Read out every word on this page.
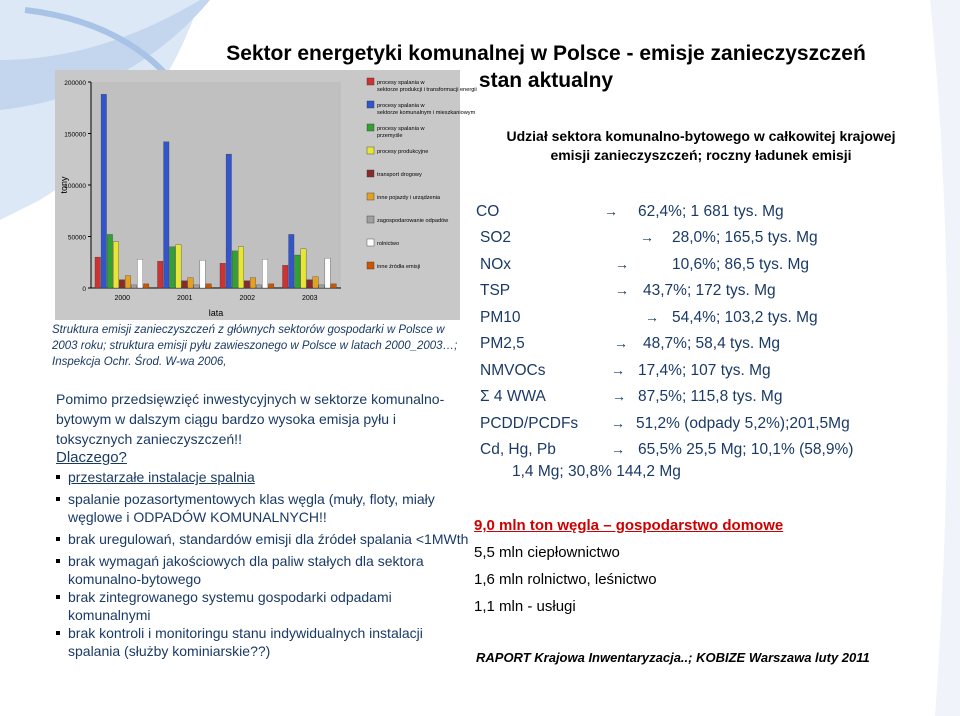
Sektor energetyki komunalnej w Polsce - emisje zanieczyszczeń
stan aktualny
0
50000
100000
150000
200000
2000	2001	2002	2003
lata
tony
procesy spalania w sektorze produkcji i transformacji energii
procesy spalania w sektorze komunalnym i mieszkaniowym
procesy spalania w przemyśle
procesy produkcyjne
transport drogowy
inne pojazdy i urządzenia
zagospodarowanie odpadów
rolnictwo
inne źródła emisji
Struktura emisji zanieczyszczeń z głównych sektorów gospodarki w Polsce w 2003 roku; struktura emisji pyłu zawieszonego w Polsce w latach 2000_2003…; Inspekcja Ochr. Środ. W-wa 2006,
Pomimo przedsięwzięć inwestycyjnych w sektorze komunalno-bytowym w dalszym ciągu bardzo wysoka emisja pyłu i toksycznych zanieczyszczeń!!
Dlaczego?
przestarzałe instalacje spalnia
spalanie pozasortymentowych klas węgla (muły, floty, miały węglowe i ODPADÓW KOMUNALNYCH!!
brak uregulowań, standardów emisji dla źródeł spalania <1MWth
brak wymagań jakościowych dla paliw stałych dla sektora komunalno-bytowego
brak zintegrowanego systemu gospodarki odpadami komunalnymi
brak kontroli i monitoringu stanu indywidualnych instalacji spalania (służby kominiarskie??)
Udział sektora komunalno-bytowego w całkowitej krajowej
emisji zanieczyszczeń; roczny ładunek emisji
CO	→ 62,4%; 1 681 tys. Mg
SO2	→ 28,0%; 165,5 tys. Mg
NOx	→	10,6%; 86,5 tys. Mg
TSP	→ 43,7%; 172 tys. Mg
PM10	→ 54,4%; 103,2 tys. Mg
PM2,5	→ 48,7%; 58,4 tys. Mg
NMVOCs	→ 17,4%; 107 tys. Mg
Σ 4 WWA	→ 87,5%; 115,8 tys. Mg
PCDD/PCDFs → 51,2% (odpady 5,2%);201,5Mg
Cd, Hg, Pb	→ 65,5% 25,5 Mg; 10,1% (58,9%)
1,4 Mg; 30,8% 144,2 Mg
9,0 mln ton węgla – gospodarstwo domowe
5,5 mln ciepłownictwo
1,6 mln rolnictwo, leśnictwo
1,1 mln - usługi
RAPORT Krajowa Inwentaryzacja..; KOBIZE Warszawa luty 2011
